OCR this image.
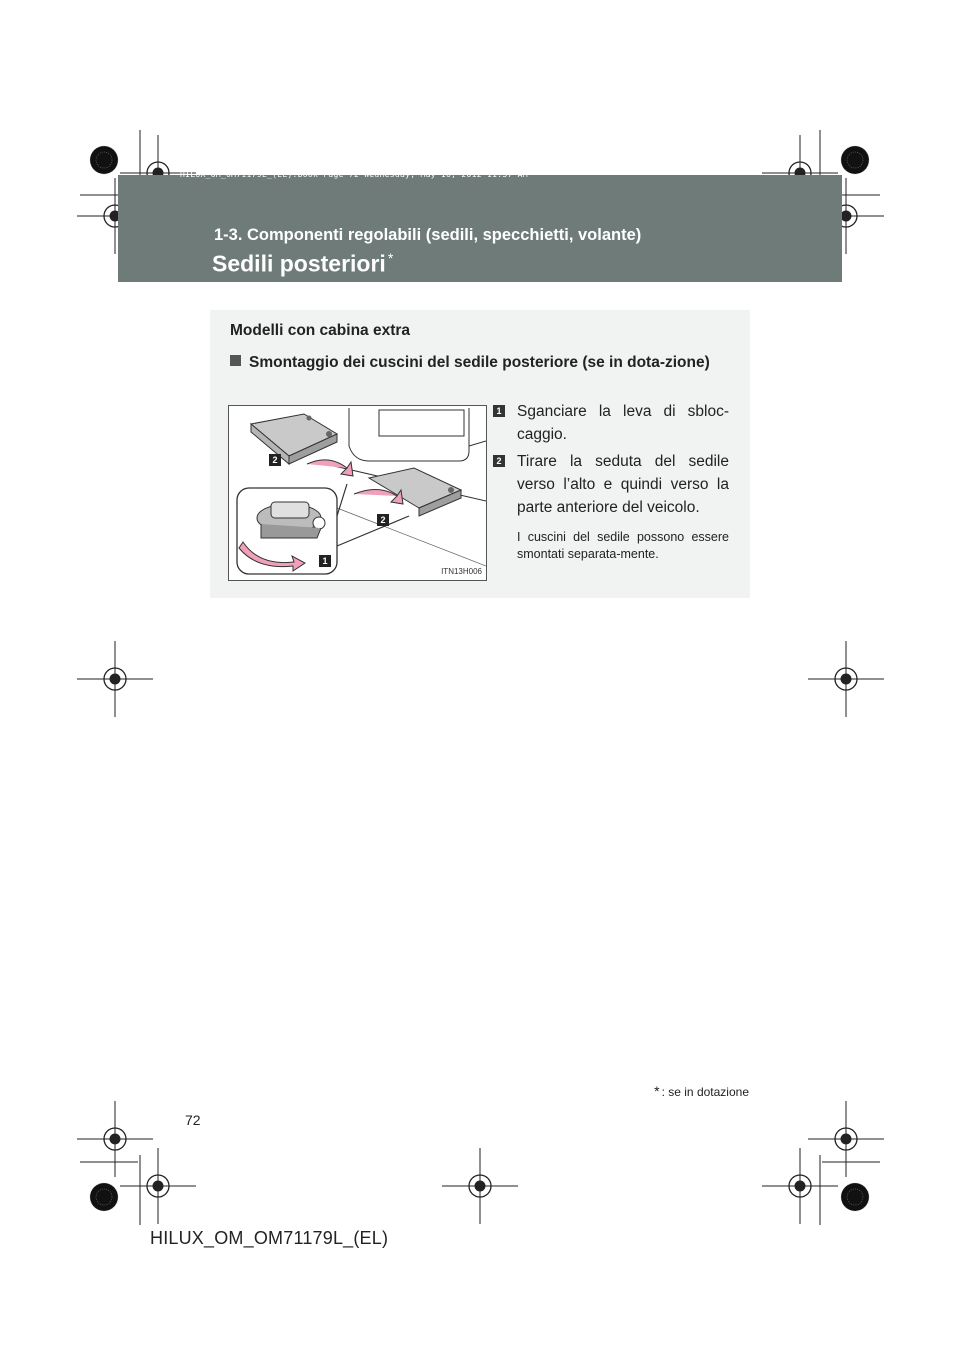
HILUX_OM_OM71179L_(EL).book Page 72 Wednesday, May 16, 2012 11:37 AM
1-3. Componenti regolabili (sedili, specchietti, volante)
Sedili posteriori *
Modelli con cabina extra
Smontaggio dei cuscini del sedile posteriore (se in dota-zione)
2
2
1
ITN13H006
1 Sganciare la leva di sbloc-caggio.
2 Tirare la seduta del sedile verso l’alto e quindi verso la parte anteriore del veicolo.
I cuscini del sedile possono essere smontati separata-mente.
* : se in dotazione
72
HILUX_OM_OM71179L_(EL)
